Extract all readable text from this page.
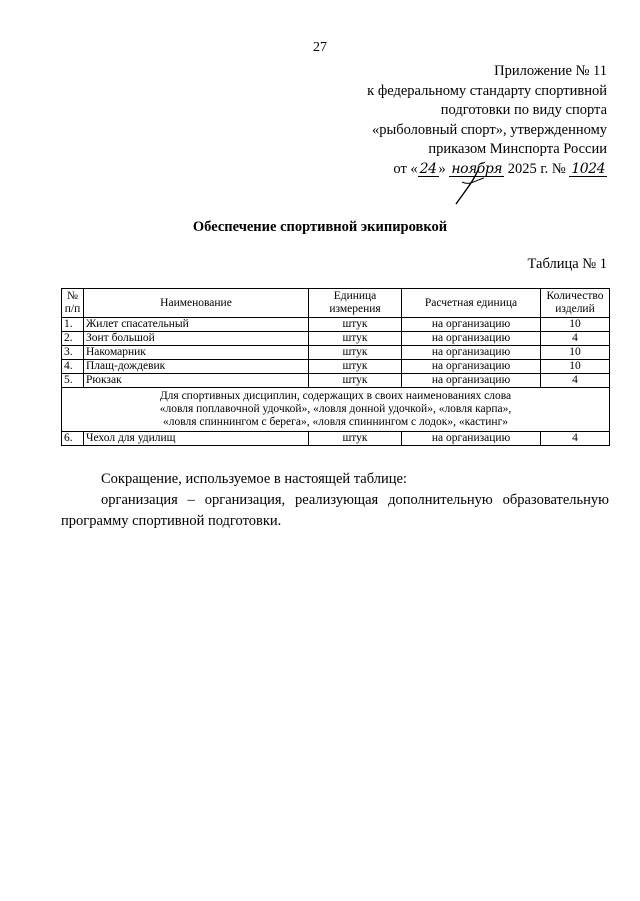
27
Приложение № 11
к федеральному стандарту спортивной
подготовки по виду спорта
«рыболовный спорт», утвержденному
приказом Минспорта России
от « 24 » ноября 2025 г. № 1024
Обеспечение спортивной экипировкой
Таблица № 1
№ п/п	Наименование	Единица измерения	Расчетная единица	Количество изделий
1.	Жилет спасательный	штук	на организацию	10
2.	Зонт большой	штук	на организацию	4
3.	Накомарник	штук	на организацию	10
4.	Плащ-дождевик	штук	на организацию	10
5.	Рюкзак	штук	на организацию	4

Для спортивных дисциплин, содержащих в своих наименованиях слова
«ловля поплавочной удочкой», «ловля донной удочкой», «ловля карпа»,
«ловля спиннингом с берега», «ловля спиннингом с лодок», «кастинг»				

6.	Чехол для удилищ	штук	на организацию	4
Сокращение, используемое в настоящей таблице:
организация – организация, реализующая дополнительную образовательную программу спортивной подготовки.
